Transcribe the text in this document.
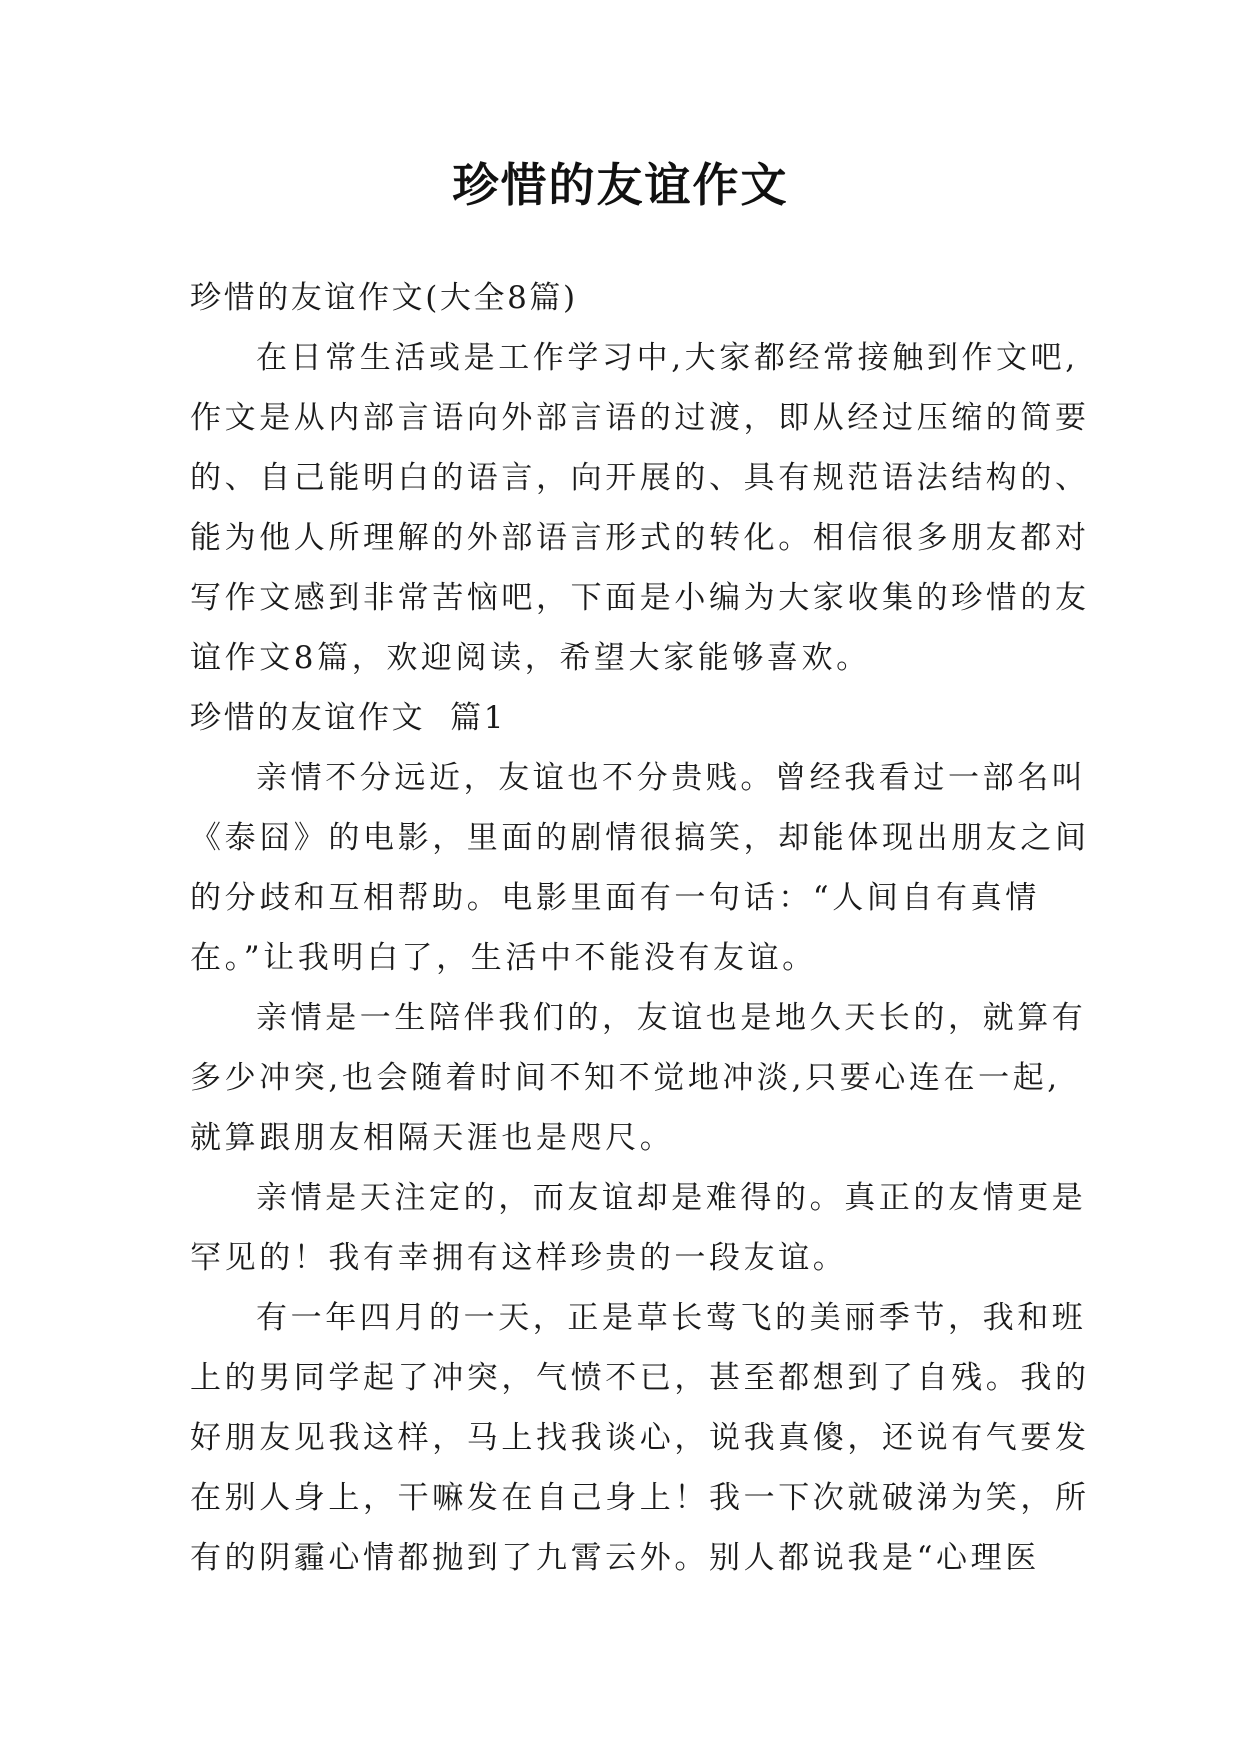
珍惜的友谊作文

珍惜的友谊作文(大全8篇)

在日常生活或是工作学习中,大家都经常接触到作文吧,

作文是从内部言语向外部言语的过渡，即从经过压缩的简要

的、自己能明白的语言，向开展的、具有规范语法结构的、

能为他人所理解的外部语言形式的转化。相信很多朋友都对

写作文感到非常苦恼吧，下面是小编为大家收集的珍惜的友

谊作文8篇，欢迎阅读，希望大家能够喜欢。

珍惜的友谊作文  篇1

亲情不分远近，友谊也不分贵贱。曾经我看过一部名叫

《泰囧》的电影，里面的剧情很搞笑，却能体现出朋友之间

的分歧和互相帮助。电影里面有一句话：“人间自有真情

在。”让我明白了，生活中不能没有友谊。

亲情是一生陪伴我们的，友谊也是地久天长的，就算有

多少冲突,也会随着时间不知不觉地冲淡,只要心连在一起,

就算跟朋友相隔天涯也是咫尺。

亲情是天注定的，而友谊却是难得的。真正的友情更是

罕见的！我有幸拥有这样珍贵的一段友谊。

有一年四月的一天，正是草长莺飞的美丽季节，我和班

上的男同学起了冲突，气愤不已，甚至都想到了自残。我的

好朋友见我这样，马上找我谈心，说我真傻，还说有气要发

在别人身上，干嘛发在自己身上！我一下次就破涕为笑，所

有的阴霾心情都抛到了九霄云外。别人都说我是“心理医
